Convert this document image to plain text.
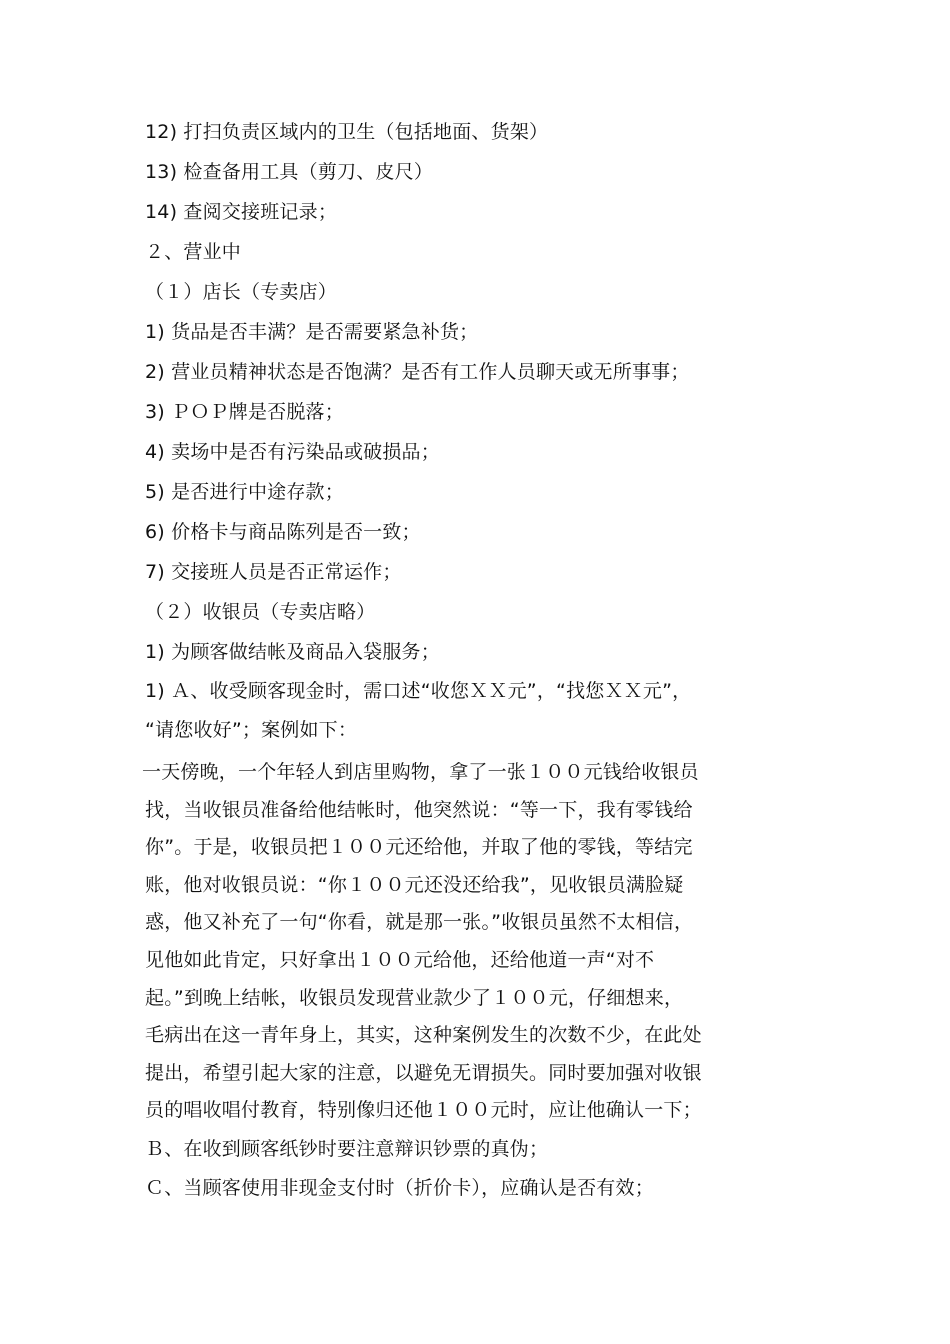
12) 打扫负责区域内的卫生（包括地面、货架）
13) 检查备用工具（剪刀、皮尺）
14) 查阅交接班记录；
２、营业中
（１）店长（专卖店）
1) 货品是否丰满？是否需要紧急补货；
2) 营业员精神状态是否饱满？是否有工作人员聊天或无所事事；
3) ＰＯＰ牌是否脱落；
4) 卖场中是否有污染品或破损品；
5) 是否进行中途存款；
6) 价格卡与商品陈列是否一致；
7) 交接班人员是否正常运作；
（２）收银员（专卖店略）
1) 为顾客做结帐及商品入袋服务；
1) Ａ、收受顾客现金时，需口述“收您ＸＸ元”，“找您ＸＸ元”，
“请您收好”；案例如下：
一天傍晚，一个年轻人到店里购物，拿了一张１００元钱给收银员
找，当收银员准备给他结帐时，他突然说：“等一下，我有零钱给
你”。于是，收银员把１００元还给他，并取了他的零钱，等结完
账，他对收银员说：“你１００元还没还给我”，见收银员满脸疑
惑，他又补充了一句“你看，就是那一张。”收银员虽然不太相信，
见他如此肯定，只好拿出１００元给他，还给他道一声“对不
起。”到晚上结帐，收银员发现营业款少了１００元，仔细想来，
毛病出在这一青年身上，其实，这种案例发生的次数不少，在此处
提出，希望引起大家的注意，以避免无谓损失。同时要加强对收银
员的唱收唱付教育，特别像归还他１００元时，应让他确认一下；
Ｂ、在收到顾客纸钞时要注意辩识钞票的真伪；
Ｃ、当顾客使用非现金支付时（折价卡），应确认是否有效；
